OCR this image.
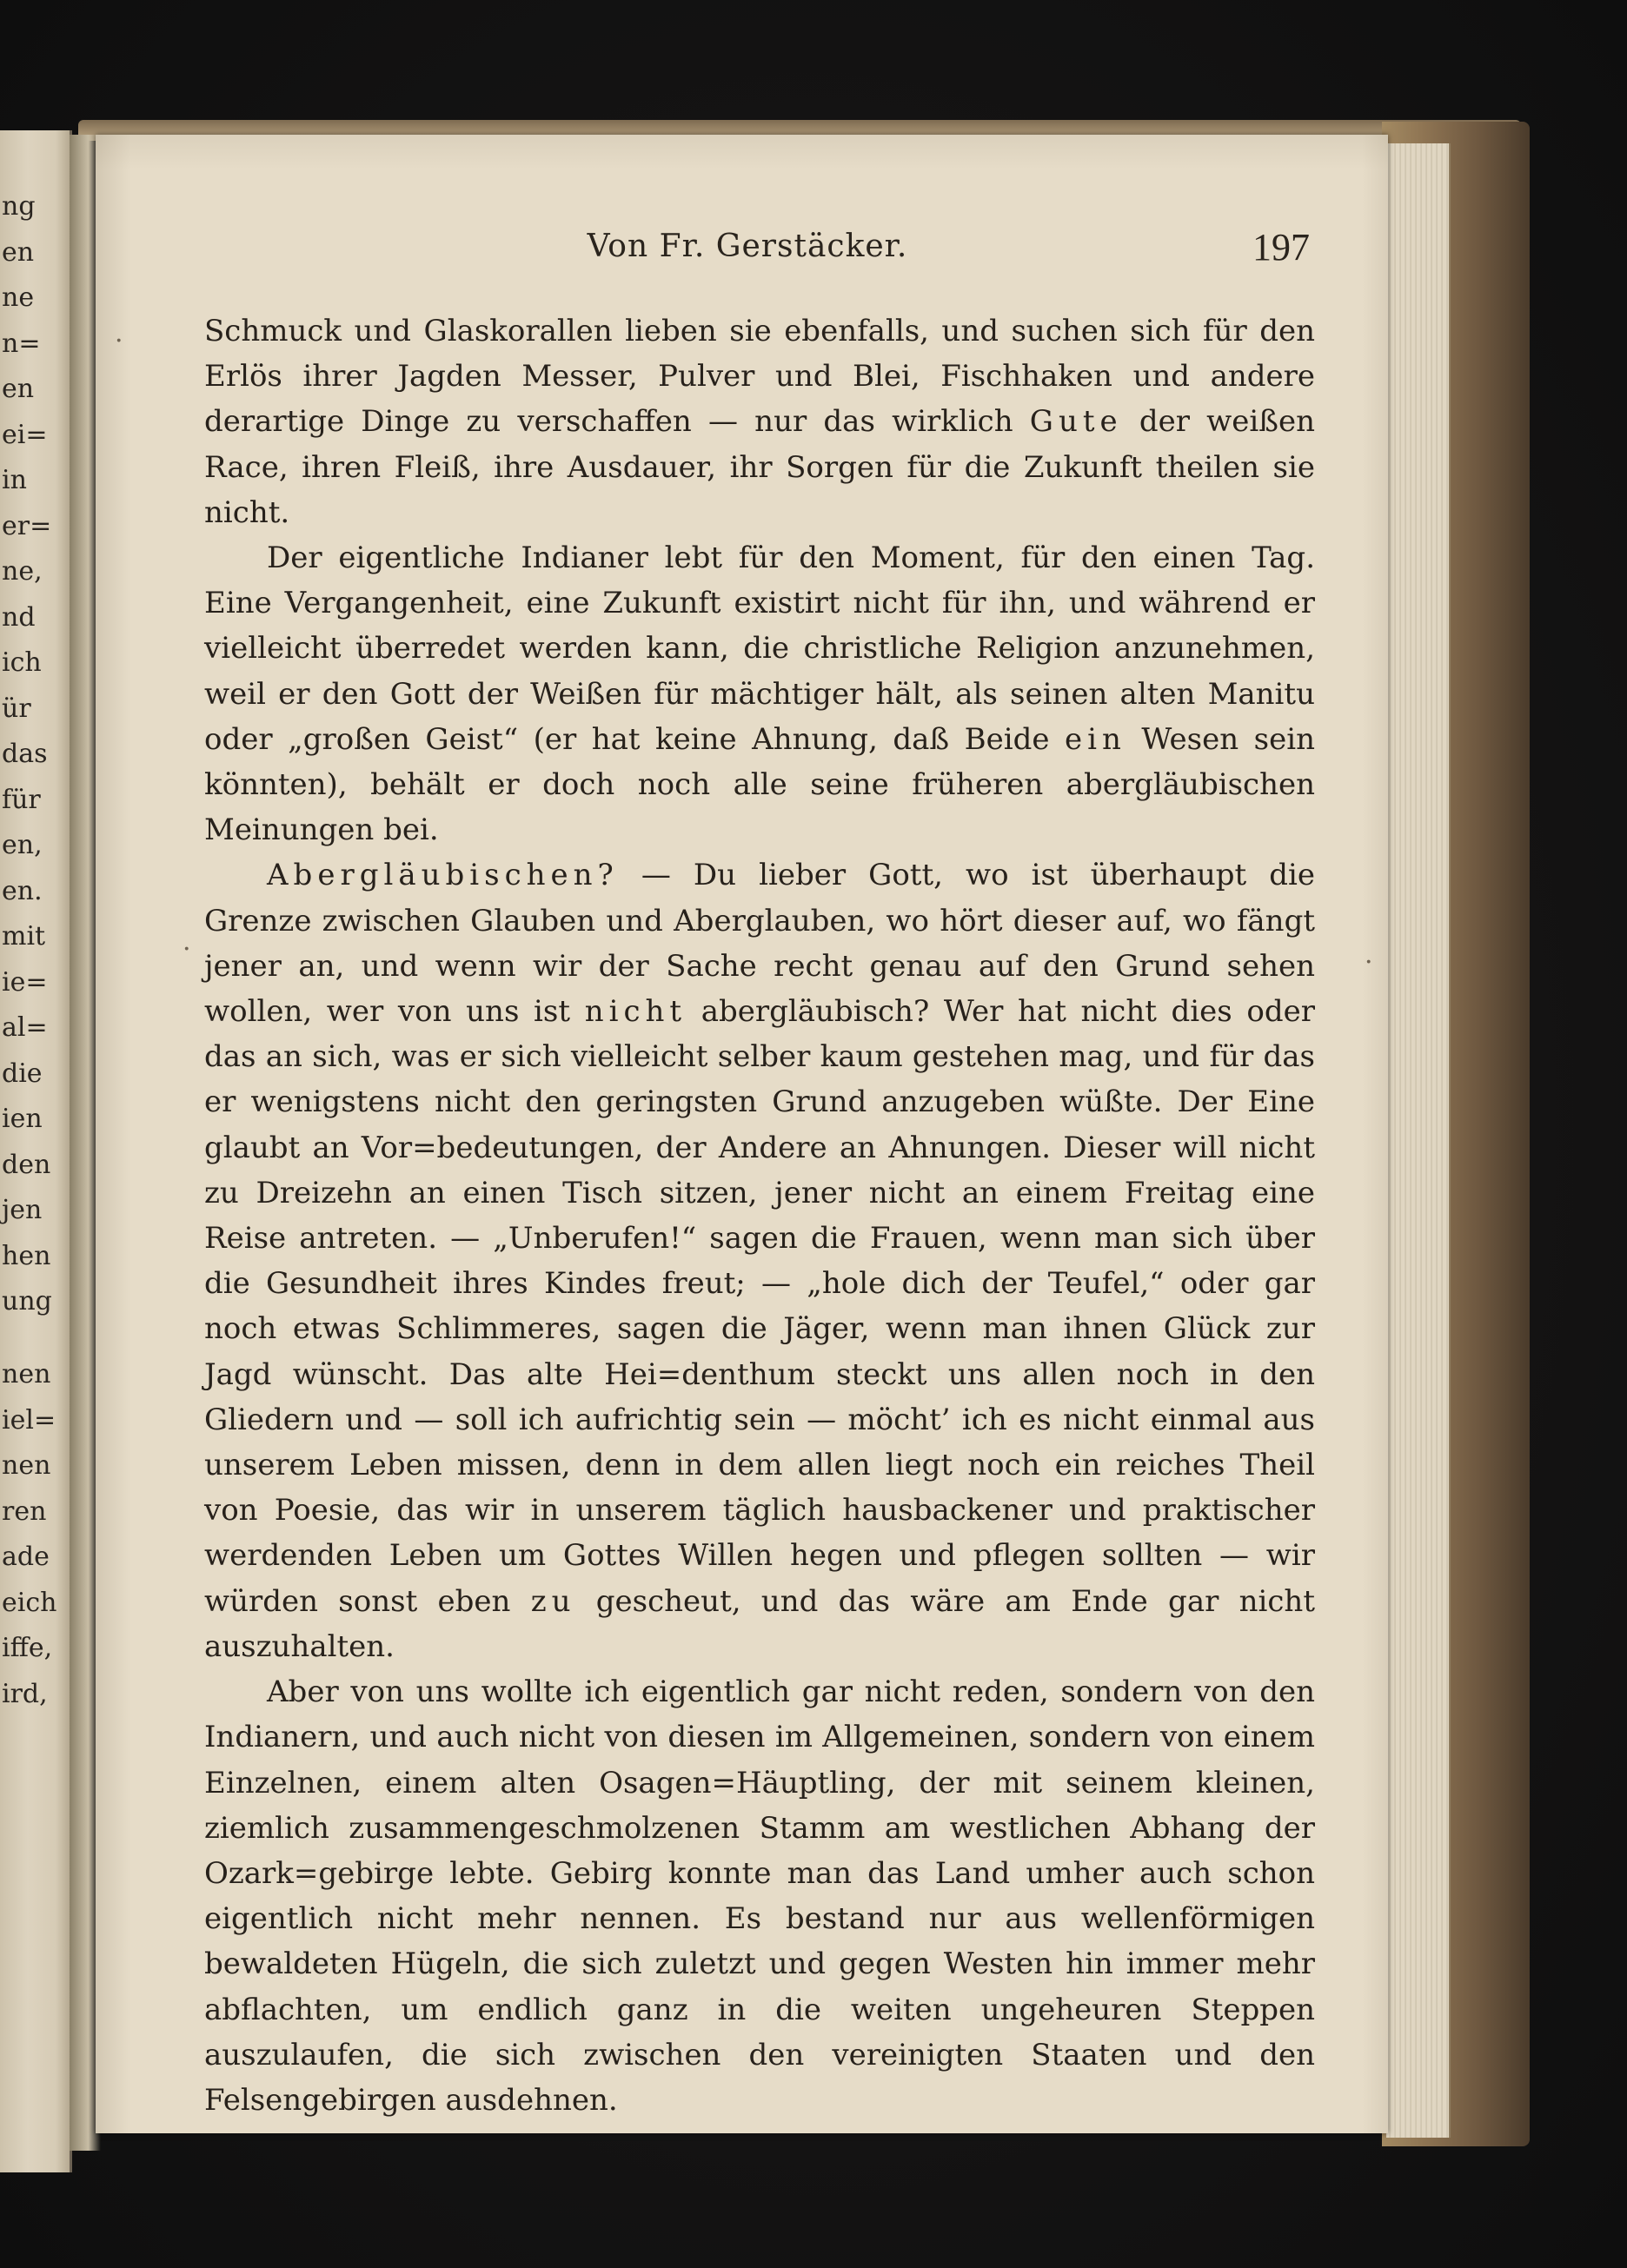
ng
en
ne
n=
en
ei=
in
er=
ne,
nd
ich
ür
das
für
en,
en.
mit
ie=
al=
die
ien
den
jen
hen
ung
nen
iel=
nen
ren
ade
eich
iffe,
ird,
Von Fr. Gerstäcker.	197

Schmuck und Glaskorallen lieben sie ebenfalls, und suchen sich für den Erlös ihrer Jagden Messer, Pulver und Blei, Fischhaken und andere derartige Dinge zu verschaffen — nur das wirklich Gute der weißen Race, ihren Fleiß, ihre Ausdauer, ihr Sorgen für die Zukunft theilen sie nicht.

Der eigentliche Indianer lebt für den Moment, für den einen Tag. Eine Vergangenheit, eine Zukunft existirt nicht für ihn, und während er vielleicht überredet werden kann, die christliche Religion anzunehmen, weil er den Gott der Weißen für mächtiger hält, als seinen alten Manitu oder „großen Geist“ (er hat keine Ahnung, daß Beide ein Wesen sein könnten), behält er doch noch alle seine früheren abergläubischen Meinungen bei.

Abergläubischen? — Du lieber Gott, wo ist überhaupt die Grenze zwischen Glauben und Aberglauben, wo hört dieser auf, wo fängt jener an, und wenn wir der Sache recht genau auf den Grund sehen wollen, wer von uns ist nicht abergläubisch? Wer hat nicht dies oder das an sich, was er sich vielleicht selber kaum gestehen mag, und für das er wenigstens nicht den geringsten Grund anzugeben wüßte. Der Eine glaubt an Vor=bedeutungen, der Andere an Ahnungen. Dieser will nicht zu Dreizehn an einen Tisch sitzen, jener nicht an einem Freitag eine Reise antreten. — „Unberufen!“ sagen die Frauen, wenn man sich über die Gesundheit ihres Kindes freut; — „hole dich der Teufel,“ oder gar noch etwas Schlimmeres, sagen die Jäger, wenn man ihnen Glück zur Jagd wünscht. Das alte Hei=denthum steckt uns allen noch in den Gliedern und — soll ich aufrichtig sein — möcht’ ich es nicht einmal aus unserem Leben missen, denn in dem allen liegt noch ein reiches Theil von Poesie, das wir in unserem täglich hausbackener und praktischer werdenden Leben um Gottes Willen hegen und pflegen sollten — wir würden sonst eben zu gescheut, und das wäre am Ende gar nicht auszuhalten.

Aber von uns wollte ich eigentlich gar nicht reden, sondern von den Indianern, und auch nicht von diesen im Allgemeinen, sondern von einem Einzelnen, einem alten Osagen=Häuptling, der mit seinem kleinen, ziemlich zusammengeschmolzenen Stamm am westlichen Abhang der Ozark=gebirge lebte. Gebirg konnte man das Land umher auch schon eigentlich nicht mehr nennen. Es bestand nur aus wellenförmigen bewaldeten Hügeln, die sich zuletzt und gegen Westen hin immer mehr abflachten, um endlich ganz in die weiten ungeheuren Steppen auszulaufen, die sich zwischen den vereinigten Staaten und den Felsengebirgen ausdehnen.

·
·	·
